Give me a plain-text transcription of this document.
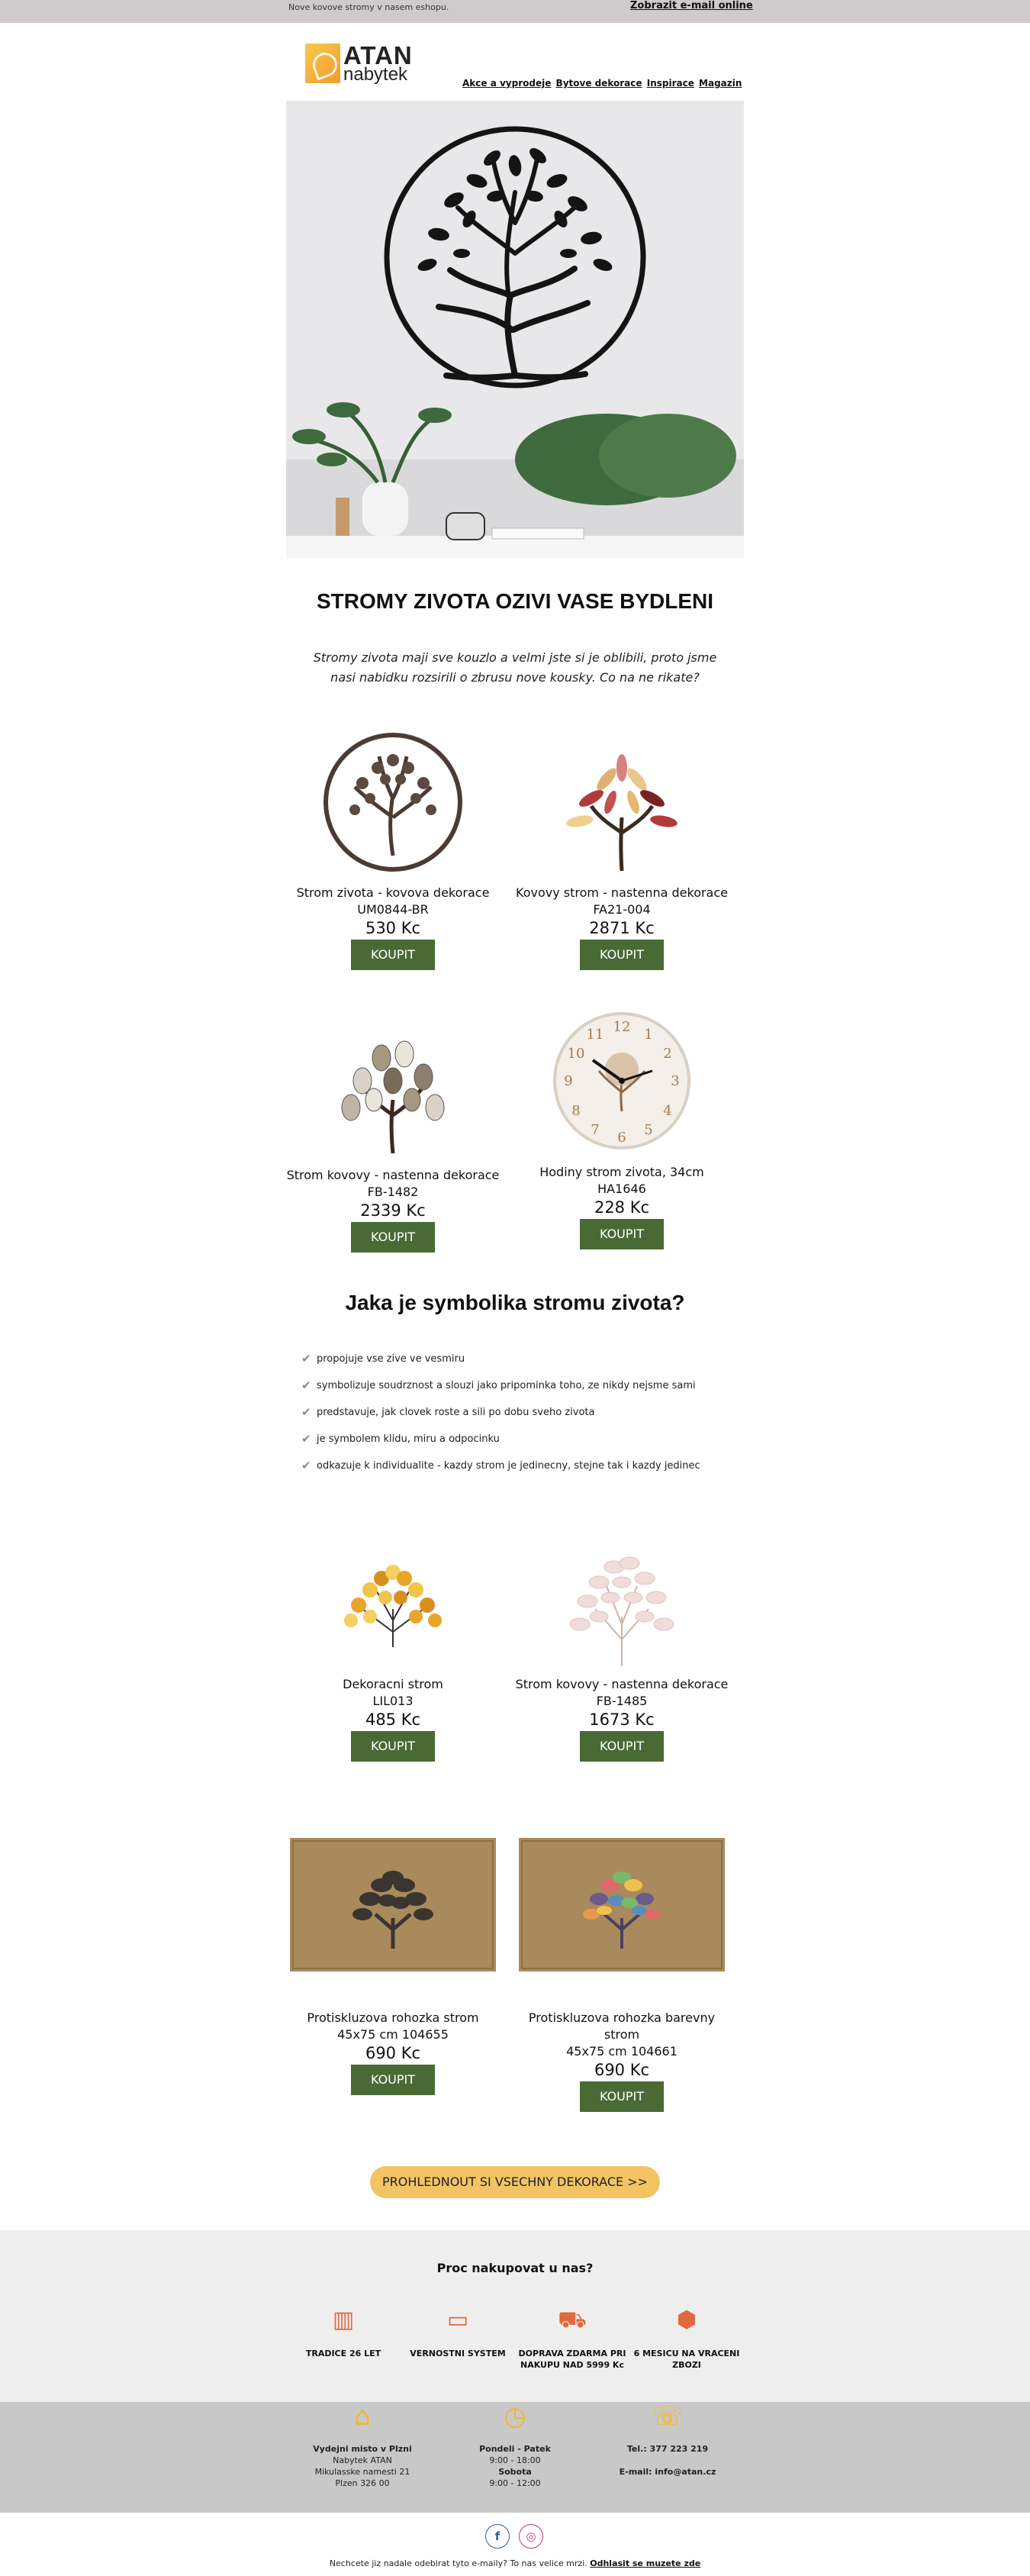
Nove kovove stromy v nasem eshopu.	Zobrazit e-mail online
ATAN
nabytek	Akce a vyprodeje Bytove dekorace Inspirace Magazin
STROMY ZIVOTA OZIVI VASE BYDLENI
Stromy zivota maji sve kouzlo a velmi jste si je oblibili, proto jsme nasi nabidku rozsirili o zbrusu nove kousky. Co na ne rikate?
Strom zivota - kovova dekorace
UM0844-BR
530 Kc
KOUPIT
Kovovy strom - nastenna dekorace
FA21-004
2871 Kc
KOUPIT
Strom kovovy - nastenna dekorace
FB-1482
2339 Kc
KOUPIT
12
3
6
9
1
2
4
5
7
8
10
11
Hodiny strom zivota, 34cm
HA1646
228 Kc
KOUPIT
Jaka je symbolika stromu zivota?
✔ propojuje vse zive ve vesmiru
✔ symbolizuje soudrznost a slouzi jako pripominka toho, ze nikdy nejsme sami
✔ predstavuje, jak clovek roste a sili po dobu sveho zivota
✔ je symbolem klidu, miru a odpocinku
✔ odkazuje k individualite - kazdy strom je jedinecny, stejne tak i kazdy jedinec
Dekoracni strom
LIL013
485 Kc
KOUPIT
Strom kovovy - nastenna dekorace
FB-1485
1673 Kc
KOUPIT
Protiskluzova rohozka strom
45x75 cm 104655
690 Kc
KOUPIT
Protiskluzova rohozka barevny strom
45x75 cm 104661
690 Kc
KOUPIT
PROHLEDNOUT SI VSECHNY DEKORACE >>
Proc nakupovat u nas?
▥
TRADICE 26 LET
▭
VERNOSTNI SYSTEM
⛟
DOPRAVA ZDARMA PRI NAKUPU NAD 5999 Kc
⬢
6 MESICU NA VRACENI ZBOZI
⌂
Vydejni misto v Plzni
Nabytek ATAN
Mikulasske namesti 21
Plzen 326 00
◷
Pondeli - Patek
9:00 - 18:00
Sobota
9:00 - 12:00
☏
Tel.: 377 223 219
E-mail: info@atan.cz
f	◎
Nechcete jiz nadale odebirat tyto e-maily? To nas velice mrzi. Odhlasit se muzete zde
